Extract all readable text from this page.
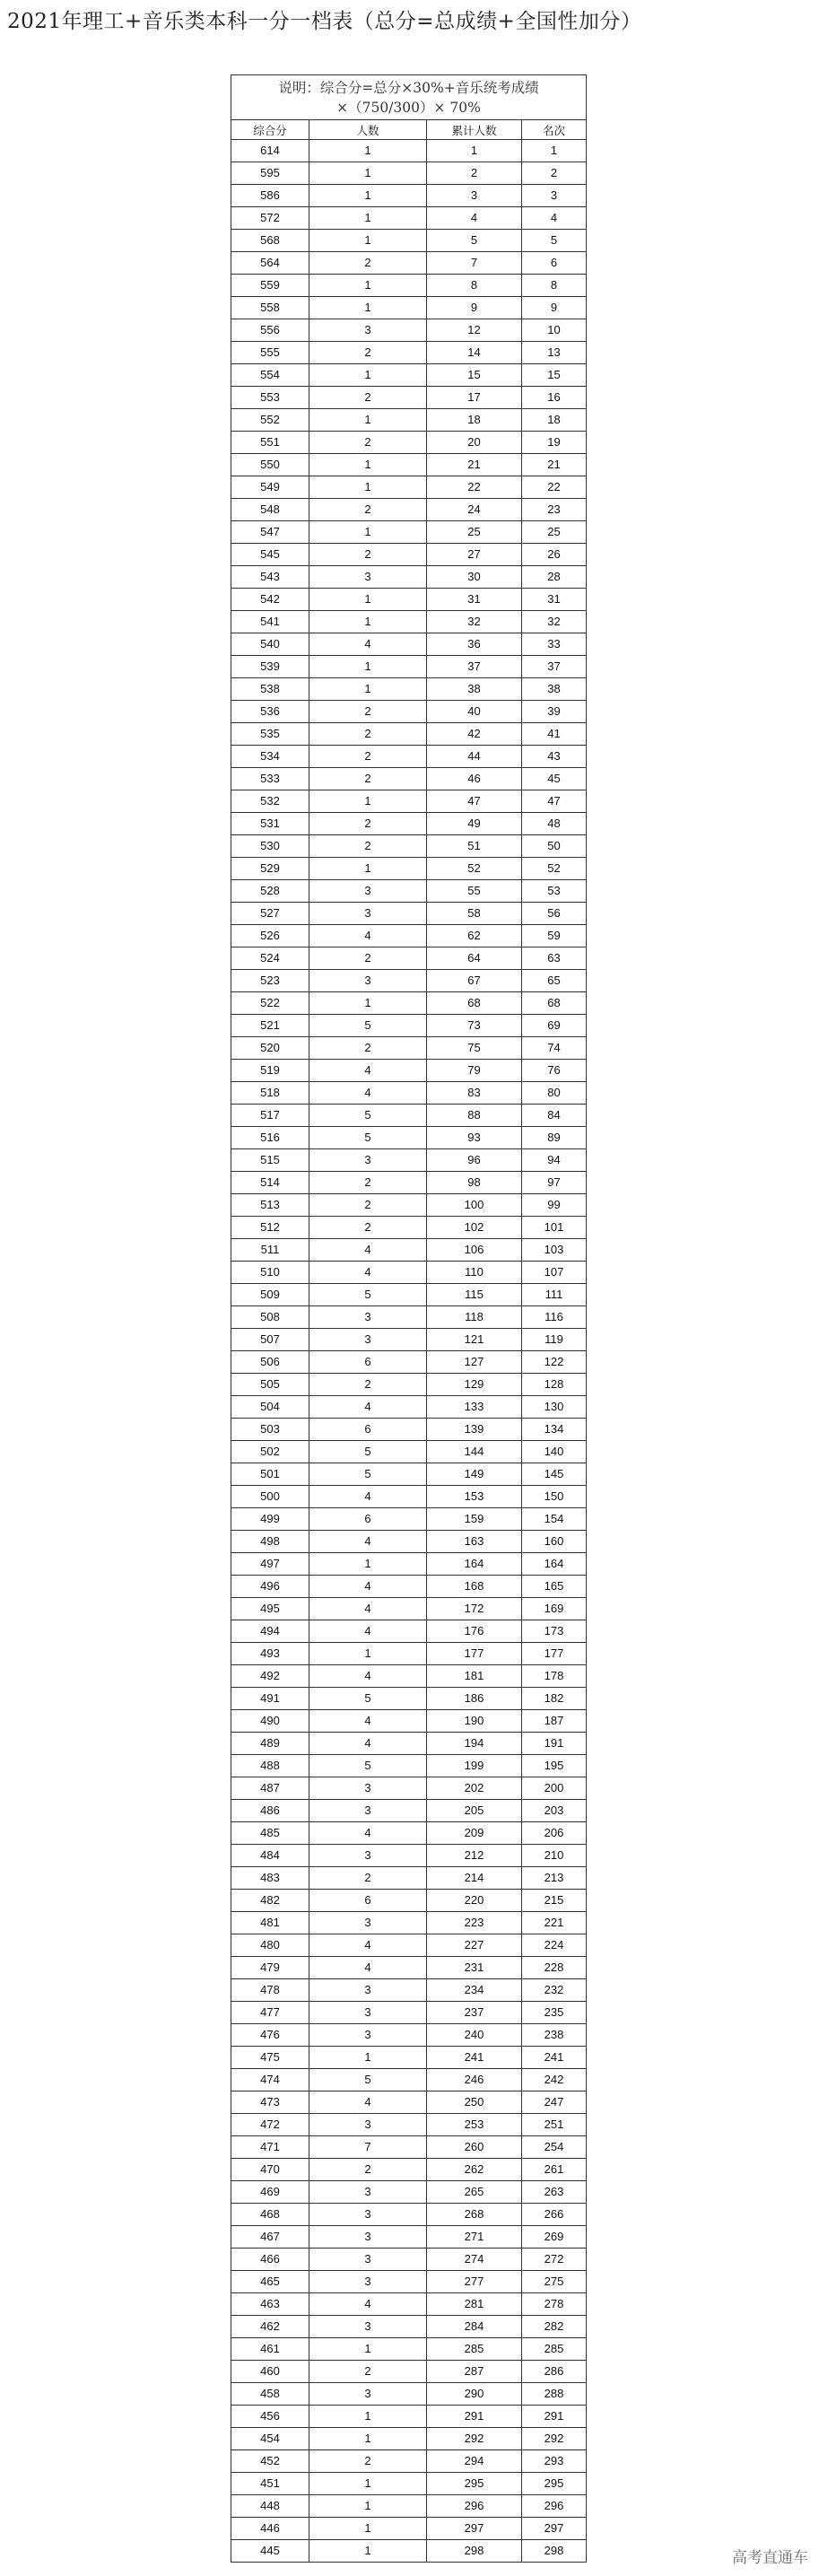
2021年理工+音乐类本科一分一档表（总分=总成绩+全国性加分）
说明：综合分=总分×30%+音乐统考成绩
×（750/300）× 70%			

综合分	人数	累计人数	名次
614	1	1	1
595	1	2	2
586	1	3	3
572	1	4	4
568	1	5	5
564	2	7	6
559	1	8	8
558	1	9	9
556	3	12	10
555	2	14	13
554	1	15	15
553	2	17	16
552	1	18	18
551	2	20	19
550	1	21	21
549	1	22	22
548	2	24	23
547	1	25	25
545	2	27	26
543	3	30	28
542	1	31	31
541	1	32	32
540	4	36	33
539	1	37	37
538	1	38	38
536	2	40	39
535	2	42	41
534	2	44	43
533	2	46	45
532	1	47	47
531	2	49	48
530	2	51	50
529	1	52	52
528	3	55	53
527	3	58	56
526	4	62	59
524	2	64	63
523	3	67	65
522	1	68	68
521	5	73	69
520	2	75	74
519	4	79	76
518	4	83	80
517	5	88	84
516	5	93	89
515	3	96	94
514	2	98	97
513	2	100	99
512	2	102	101
511	4	106	103
510	4	110	107
509	5	115	111
508	3	118	116
507	3	121	119
506	6	127	122
505	2	129	128
504	4	133	130
503	6	139	134
502	5	144	140
501	5	149	145
500	4	153	150
499	6	159	154
498	4	163	160
497	1	164	164
496	4	168	165
495	4	172	169
494	4	176	173
493	1	177	177
492	4	181	178
491	5	186	182
490	4	190	187
489	4	194	191
488	5	199	195
487	3	202	200
486	3	205	203
485	4	209	206
484	3	212	210
483	2	214	213
482	6	220	215
481	3	223	221
480	4	227	224
479	4	231	228
478	3	234	232
477	3	237	235
476	3	240	238
475	1	241	241
474	5	246	242
473	4	250	247
472	3	253	251
471	7	260	254
470	2	262	261
469	3	265	263
468	3	268	266
467	3	271	269
466	3	274	272
465	3	277	275
463	4	281	278
462	3	284	282
461	1	285	285
460	2	287	286
458	3	290	288
456	1	291	291
454	1	292	292
452	2	294	293
451	1	295	295
448	1	296	296
446	1	297	297
445	1	298	298	高考直通车
